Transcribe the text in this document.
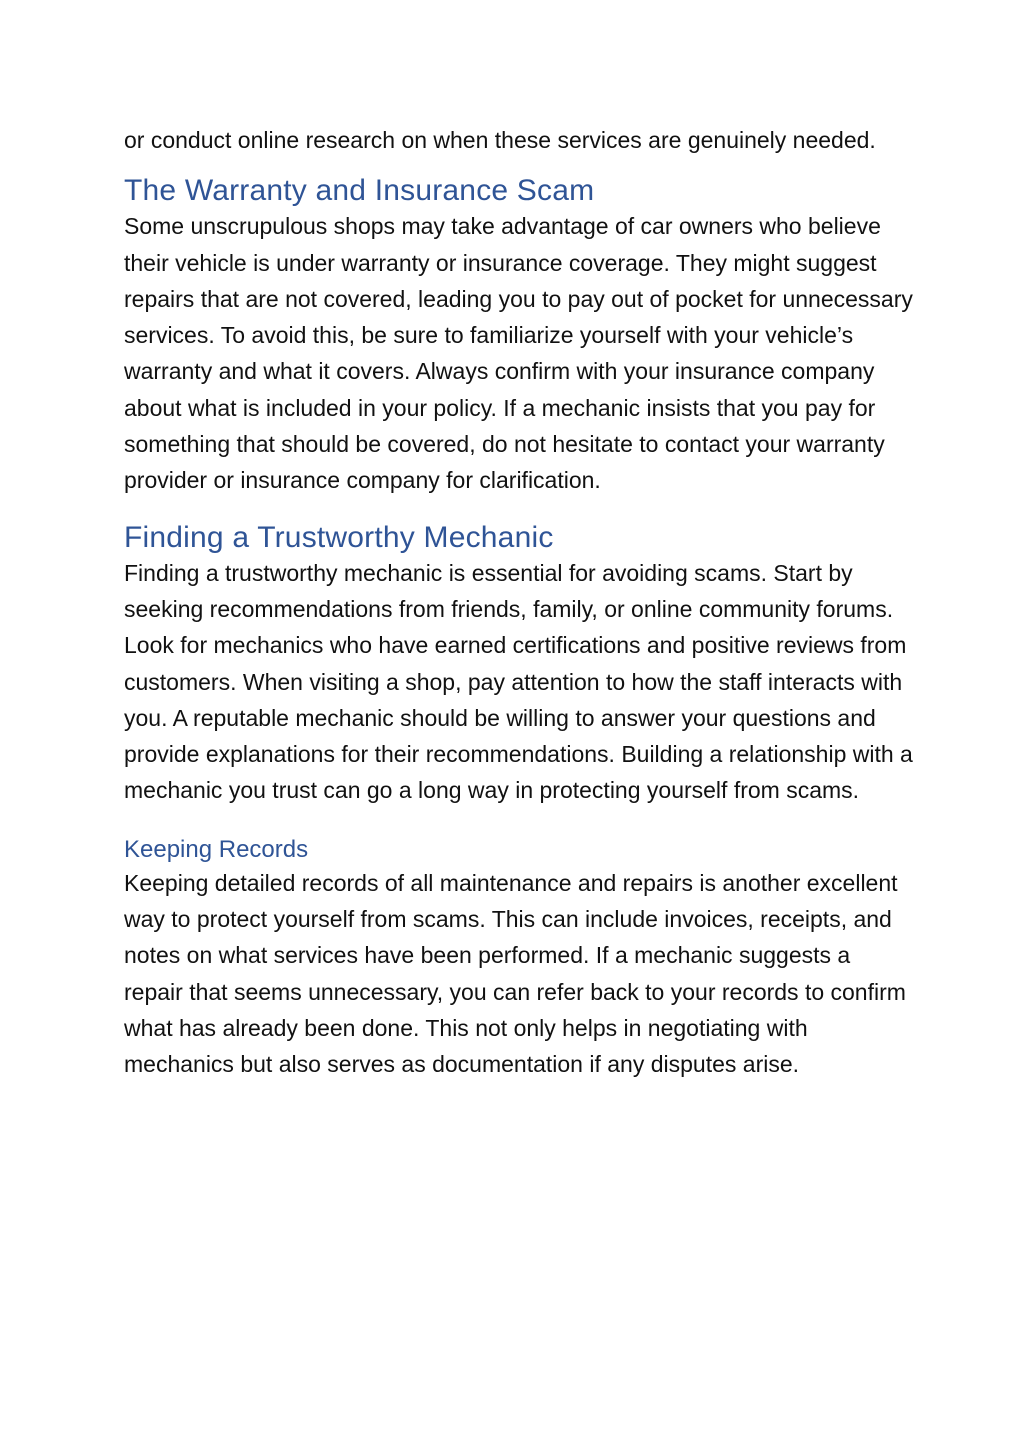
or conduct online research on when these services are genuinely needed.

The Warranty and Insurance Scam

Some unscrupulous shops may take advantage of car owners who believe their vehicle is under warranty or insurance coverage. They might suggest repairs that are not covered, leading you to pay out of pocket for unnecessary services. To avoid this, be sure to familiarize yourself with your vehicle’s warranty and what it covers. Always confirm with your insurance company about what is included in your policy. If a mechanic insists that you pay for something that should be covered, do not hesitate to contact your warranty provider or insurance company for clarification.

Finding a Trustworthy Mechanic

Finding a trustworthy mechanic is essential for avoiding scams. Start by seeking recommendations from friends, family, or online community forums. Look for mechanics who have earned certifications and positive reviews from customers. When visiting a shop, pay attention to how the staff interacts with you. A reputable mechanic should be willing to answer your questions and provide explanations for their recommendations. Building a relationship with a mechanic you trust can go a long way in protecting yourself from scams.

Keeping Records

Keeping detailed records of all maintenance and repairs is another excellent way to protect yourself from scams. This can include invoices, receipts, and notes on what services have been performed. If a mechanic suggests a repair that seems unnecessary, you can refer back to your records to confirm what has already been done. This not only helps in negotiating with mechanics but also serves as documentation if any disputes arise.
